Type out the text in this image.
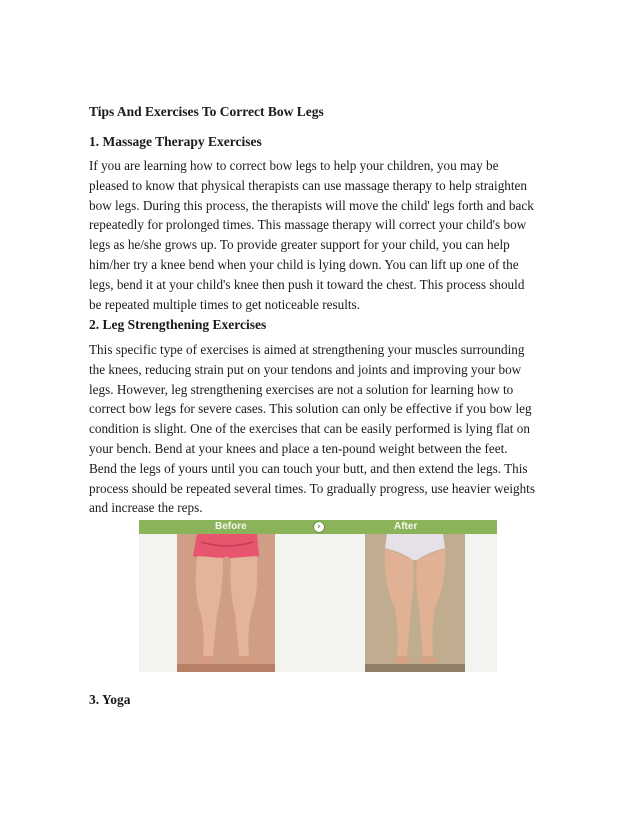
Tips And Exercises To Correct Bow Legs
1. Massage Therapy Exercises
If you are learning how to correct bow legs to help your children, you may be
pleased to know that physical therapists can use massage therapy to help straighten
bow legs. During this process, the therapists will move the child' legs forth and back
repeatedly for prolonged times. This massage therapy will correct your child's bow
legs as he/she grows up. To provide greater support for your child, you can help
him/her try a knee bend when your child is lying down. You can lift up one of the
legs, bend it at your child's knee then push it toward the chest. This process should
be repeated multiple times to get noticeable results.
2. Leg Strengthening Exercises
This specific type of exercises is aimed at strengthening your muscles surrounding
the knees, reducing strain put on your tendons and joints and improving your bow
legs. However, leg strengthening exercises are not a solution for learning how to
correct bow legs for severe cases. This solution can only be effective if you bow leg
condition is slight. One of the exercises that can be easily performed is lying flat on
your bench. Bend at your knees and place a ten-pound weight between the feet.
Bend the legs of yours until you can touch your butt, and then extend the legs. This
process should be repeated several times. To gradually progress, use heavier weights
and increase the reps.
Before	›	After
3. Yoga
